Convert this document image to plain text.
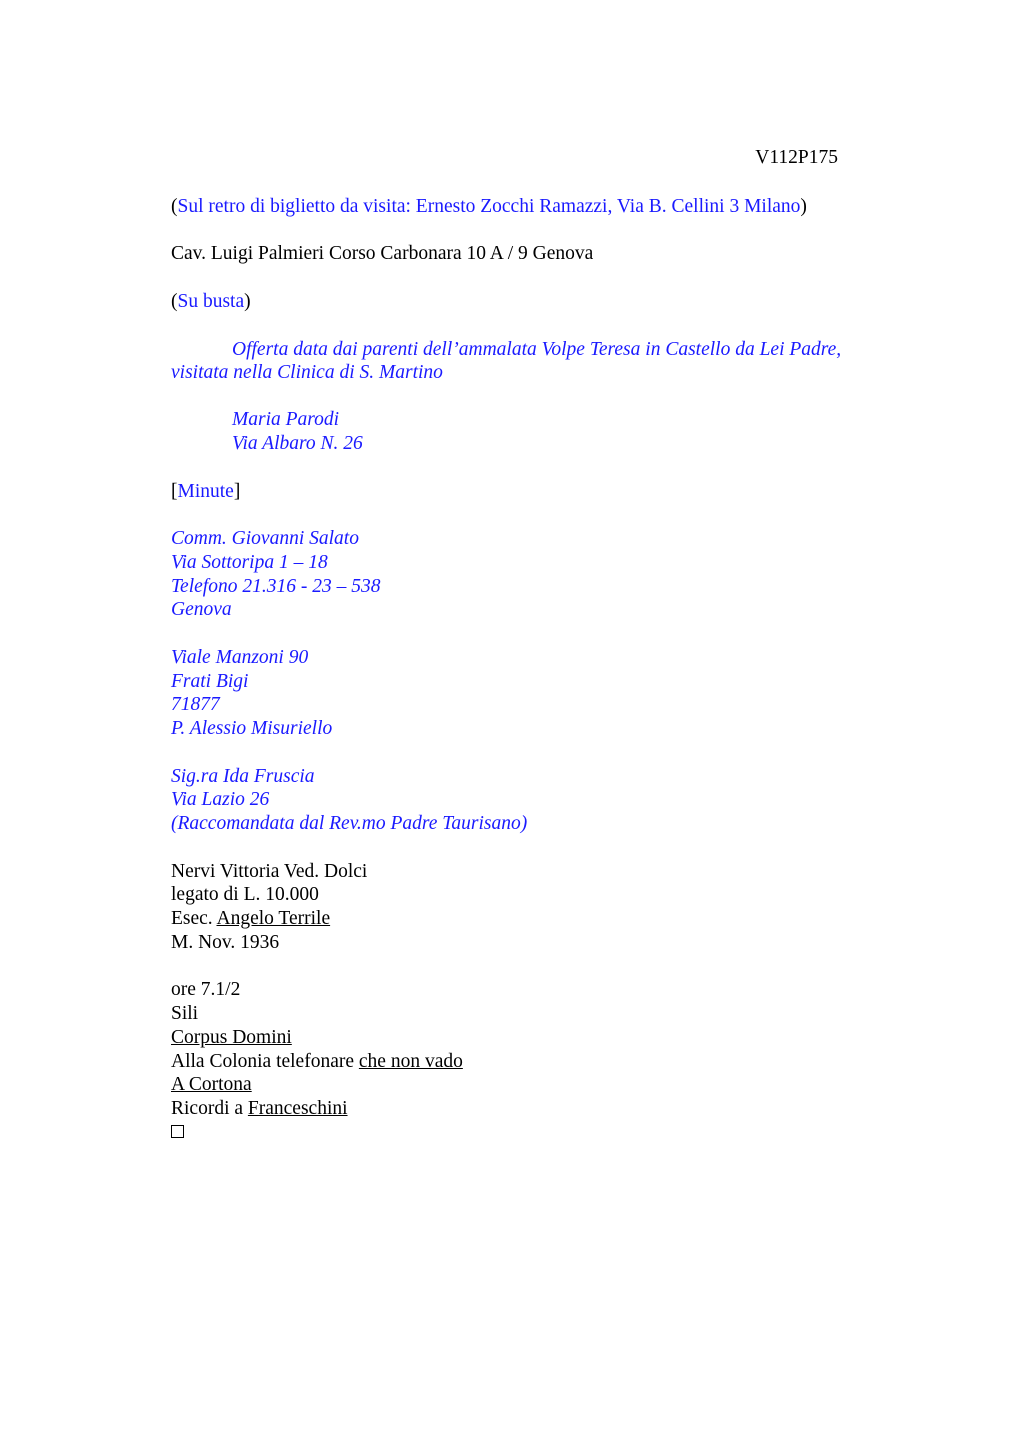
V112P175
(Sul retro di biglietto da visita: Ernesto Zocchi Ramazzi, Via B. Cellini 3 Milano)
Cav. Luigi Palmieri Corso Carbonara 10 A / 9 Genova
(Su busta)
Offerta data dai parenti dell’ammalata Volpe Teresa in Castello da Lei Padre,
visitata nella Clinica di S. Martino
Maria Parodi
Via Albaro N. 26
[Minute]
Comm. Giovanni Salato
Via Sottoripa 1 – 18
Telefono 21.316 - 23 – 538
Genova
Viale Manzoni 90
Frati Bigi
71877
P. Alessio Misuriello
Sig.ra Ida Fruscia
Via Lazio 26
(Raccomandata dal Rev.mo Padre Taurisano)
Nervi Vittoria Ved. Dolci
legato di L. 10.000
Esec. Angelo Terrile
M. Nov. 1936
ore 7.1/2
Sili
Corpus Domini
Alla Colonia telefonare che non vado
A Cortona
Ricordi a Franceschini
